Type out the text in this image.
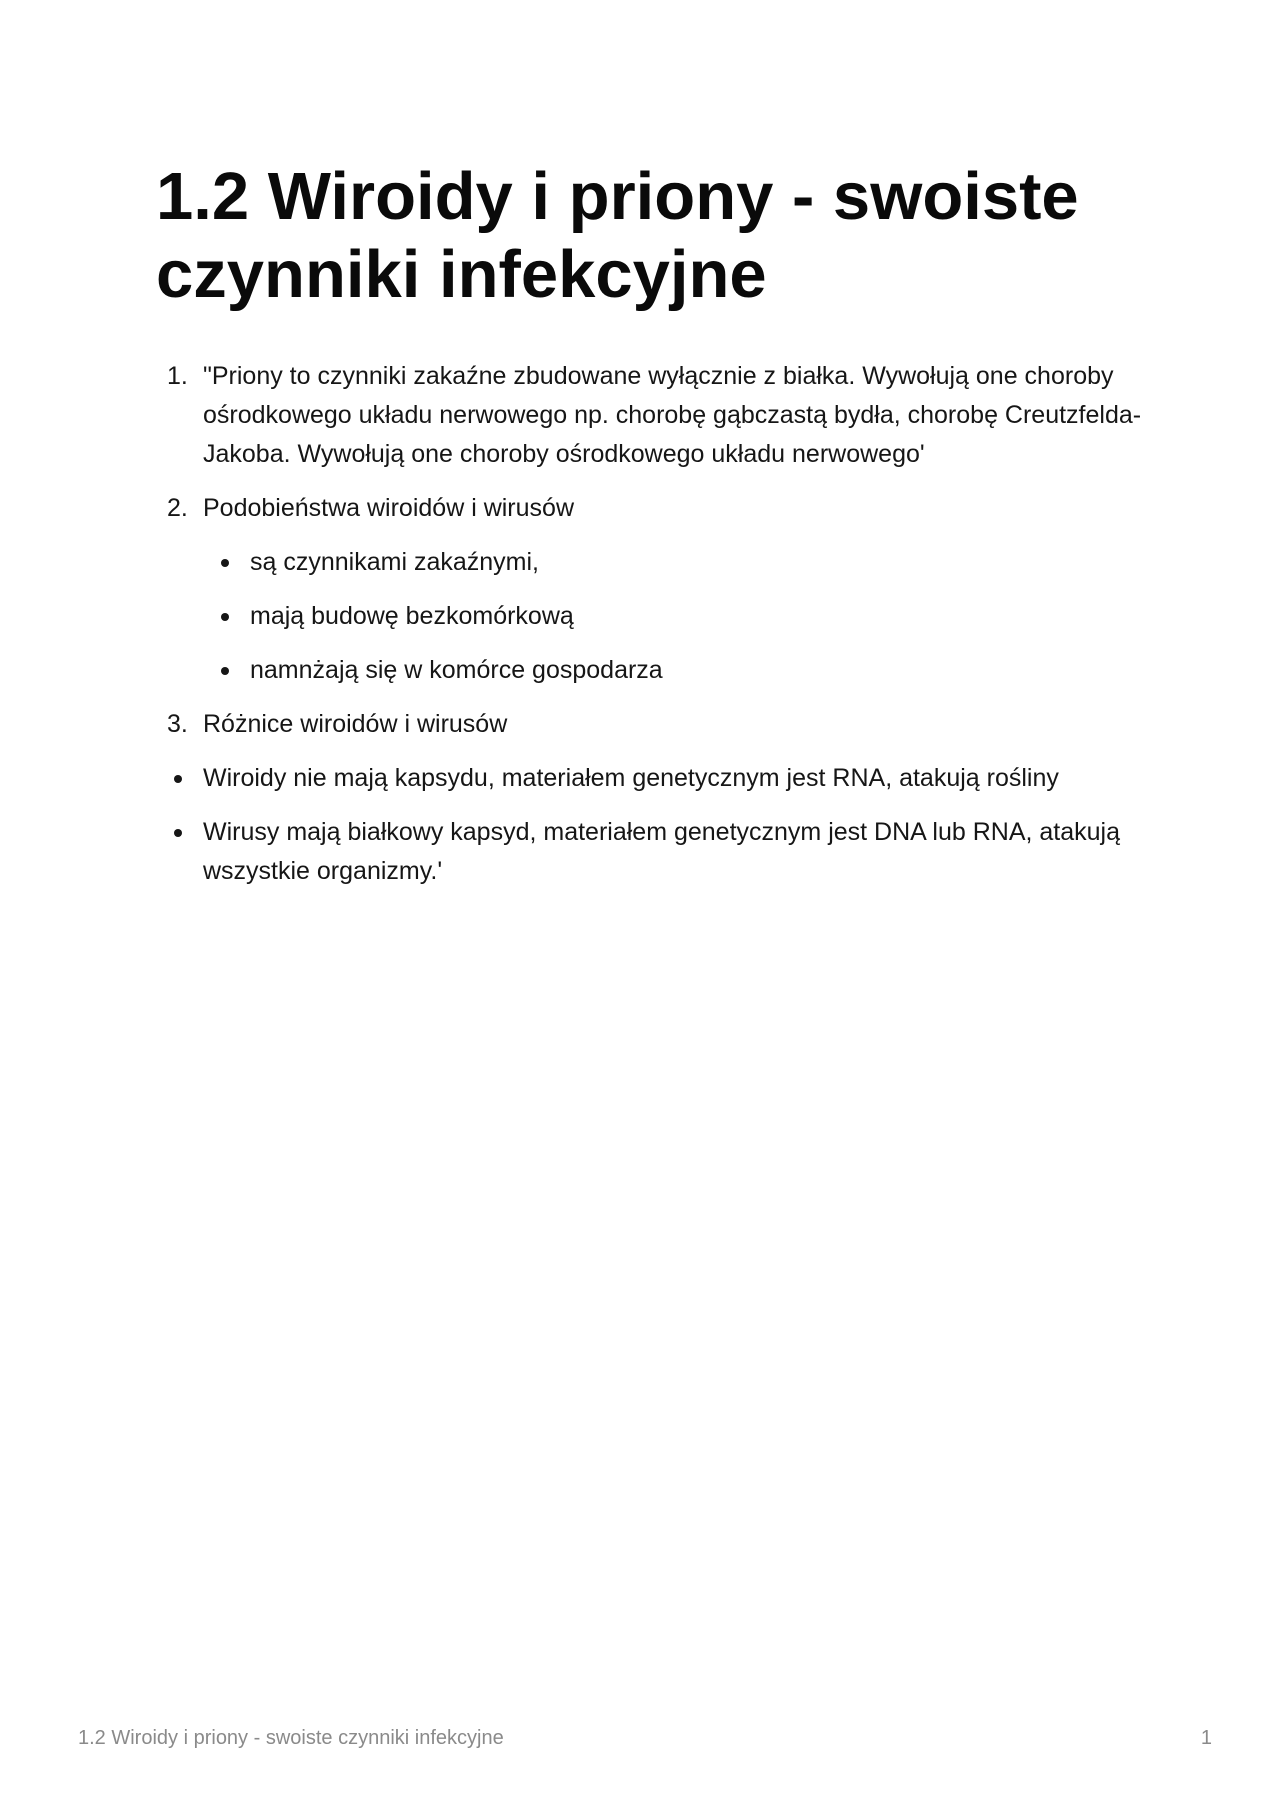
1.2 Wiroidy i priony - swoiste czynniki infekcyjne
1. "Priony to czynniki zakaźne zbudowane wyłącznie z białka. Wywołują one choroby ośrodkowego układu nerwowego np. chorobę gąbczastą bydła, chorobę Creutzfelda-Jakoba. Wywołują one choroby ośrodkowego układu nerwowego'
2. Podobieństwa wiroidów i wirusów
są czynnikami zakaźnymi,
mają budowę bezkomórkową
namnżają się w komórce gospodarza
3. Różnice wiroidów i wirusów
Wiroidy nie mają kapsydu, materiałem genetycznym jest RNA, atakują rośliny
Wirusy mają białkowy kapsyd, materiałem genetycznym jest DNA lub RNA, atakują wszystkie organizmy.'
1.2 Wiroidy i priony - swoiste czynniki infekcyjne	1
